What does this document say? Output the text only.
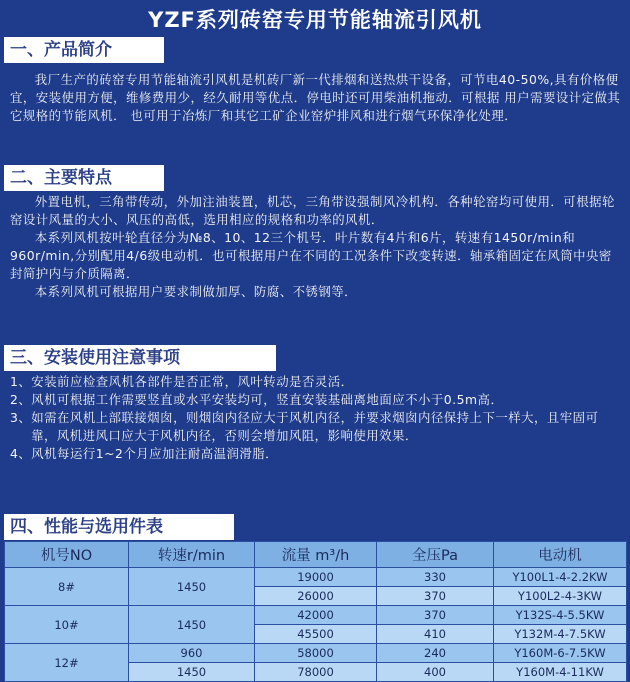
YZF系列砖窑专用节能轴流引风机
一、产品简介

我厂生产的砖窑专用节能轴流引风机是机砖厂新一代排烟和送热烘干设备，可节电40-50%,具有价格便宜，安装使用方便，维修费用少，经久耐用等优点．停电时还可用柴油机拖动．可根据 用户需要设计定做其它规格的节能风机． 也可用于冶炼厂和其它工矿企业窑炉排风和进行烟气环保净化处理．

二、主要特点

外置电机，三角带传动，外加注油装置，机芯，三角带设强制风冷机构．各种轮窑均可使用．可根据轮窑设计风量的大小、风压的高低，选用相应的规格和功率的风机．

本系列风机按叶轮直径分为№8、10、12三个机号．叶片数有4片和6片，转速有1450r/min和960r/min,分别配用4/6级电动机．也可根据用户在不同的工况条件下改变转速．轴承箱固定在风筒中央密封简护内与介质隔离．

本系列风机可根据用户要求制做加厚、防腐、不锈钢等．

三、安装使用注意事项

1、安装前应检查风机各部件是否正常，风叶转动是否灵活．

2、风机可根据工作需要竖直或水平安装均可，竖直安装基础离地面应不小于0.5m高．

3、如需在风机上部联接烟囱，则烟囱内径应大于风机内径，并要求烟囱内径保持上下一样大，且牢固可靠，风机进风口应大于风机内径，否则会增加风阻，影响使用效果．

4、风机每运行1~2个月应加注耐高温润滑脂．

四、性能与选用件表
机号NO	转速r/min	流量 m³/h	全压Pa	电动机
8#	1450	19000	330	Y100L1-4-2.2KW
		26000	370	Y100L2-4-3KW
10#	1450	42000	370	Y132S-4-5.5KW
		45500	410	Y132M-4-7.5KW
12#	960	58000	240	Y160M-6-7.5KW
	1450	78000	400	Y160M-4-11KW
